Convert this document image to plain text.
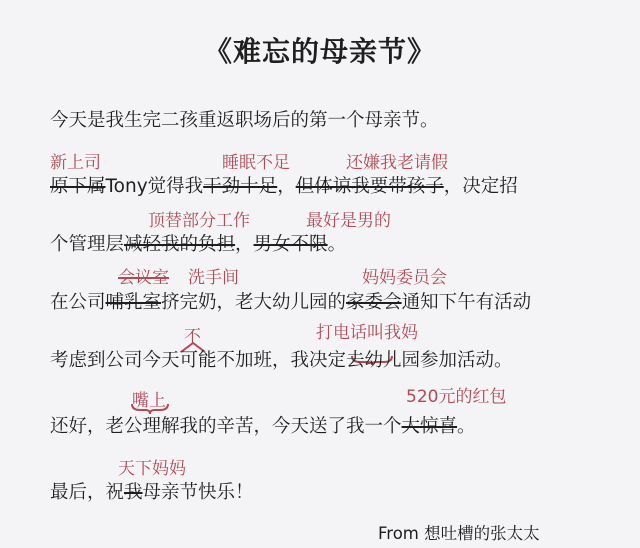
《难忘的母亲节》
今天是我生完二孩重返职场后的第一个母亲节。
新上司	睡眠不足	还嫌我老请假
原下属Tony觉得我干劲十足，但体谅我要带孩子，决定招
顶替部分工作	最好是男的
个管理层减轻我的负担，男女不限。
会议室 洗手间	妈妈委员会
在公司哺乳室挤完奶，老大幼儿园的家委会通知下午有活动
不	打电话叫我妈
考虑到公司今天可能不加班，我决定去幼儿园参加活动。
嘴上	520元的红包
还好，老公理解我的辛苦，今天送了我一个大惊喜。
天下妈妈
最后，祝我母亲节快乐！
From 想吐槽的张太太
